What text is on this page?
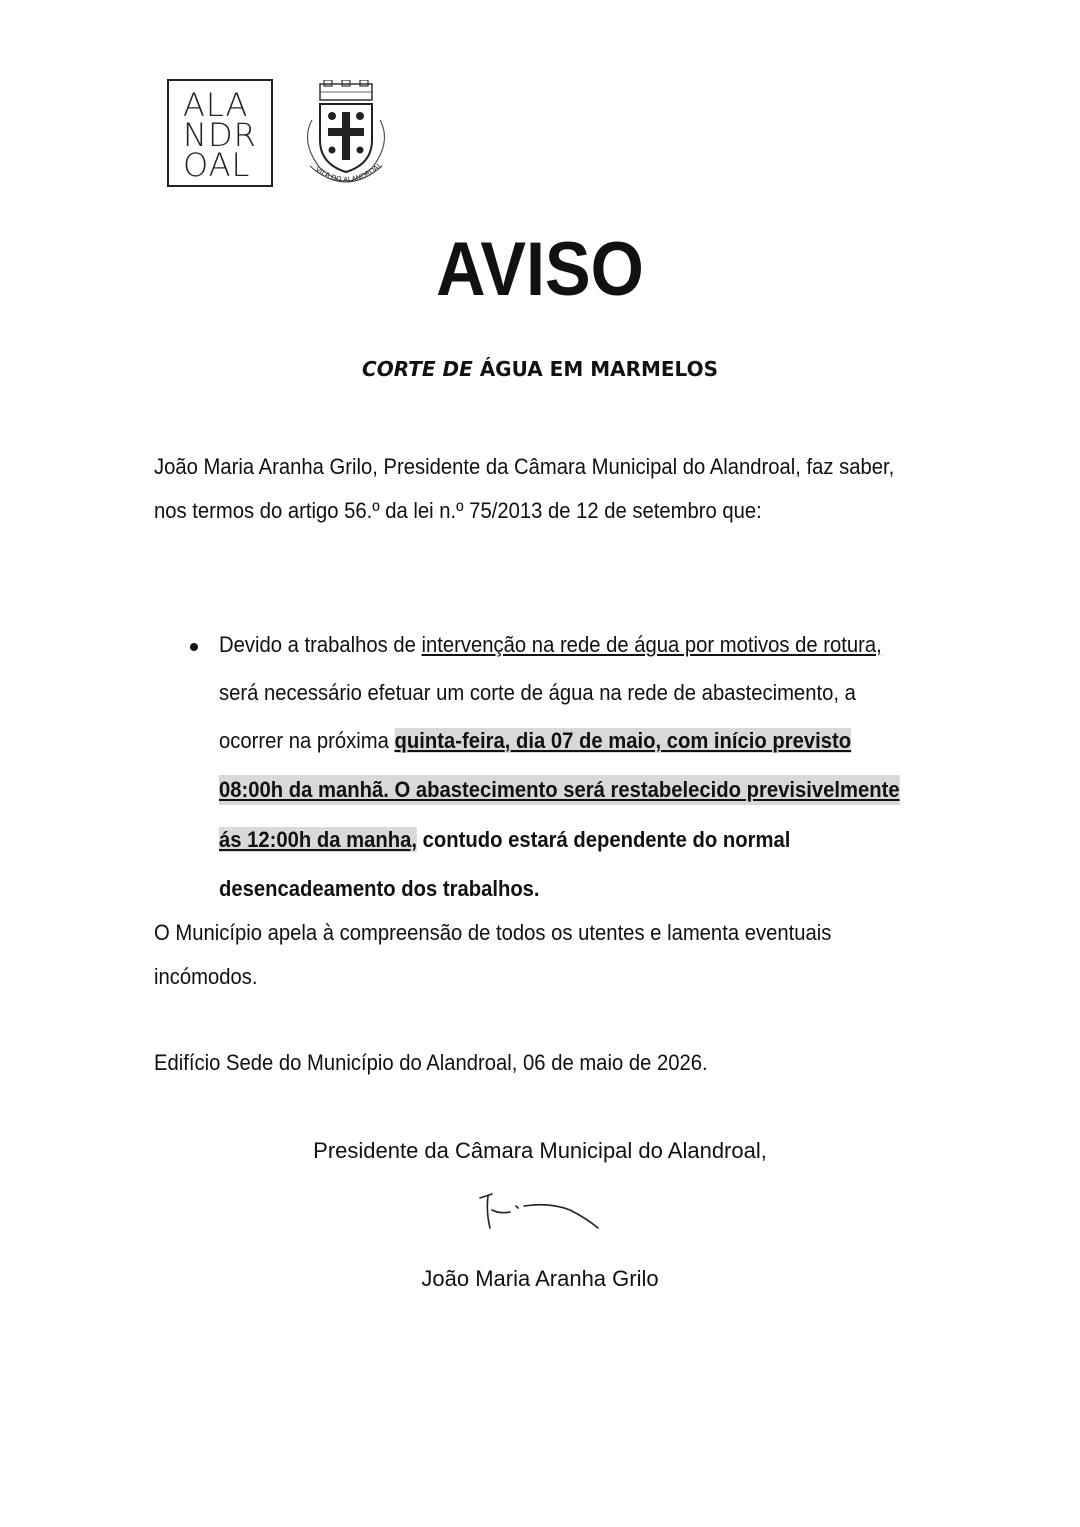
ALA
NDR
OAL	VILA DO ALANDROAL
AVISO
CORTE DE ÁGUA EM MARMELOS
João Maria Aranha Grilo, Presidente da Câmara Municipal do Alandroal, faz saber,
nos termos do artigo 56.º da lei n.º 75/2013 de 12 de setembro que:
Devido a trabalhos de intervenção na rede de água por motivos de rotura,
será necessário efetuar um corte de água na rede de abastecimento, a
ocorrer na próxima quinta-feira, dia 07 de maio, com início previsto
08:00h da manhã. O abastecimento será restabelecido previsivelmente
ás 12:00h da manha, contudo estará dependente do normal
desencadeamento dos trabalhos.
O Município apela à compreensão de todos os utentes e lamenta eventuais
incómodos.
Edifício Sede do Município do Alandroal, 06 de maio de 2026.
Presidente da Câmara Municipal do Alandroal,
João Maria Aranha Grilo
